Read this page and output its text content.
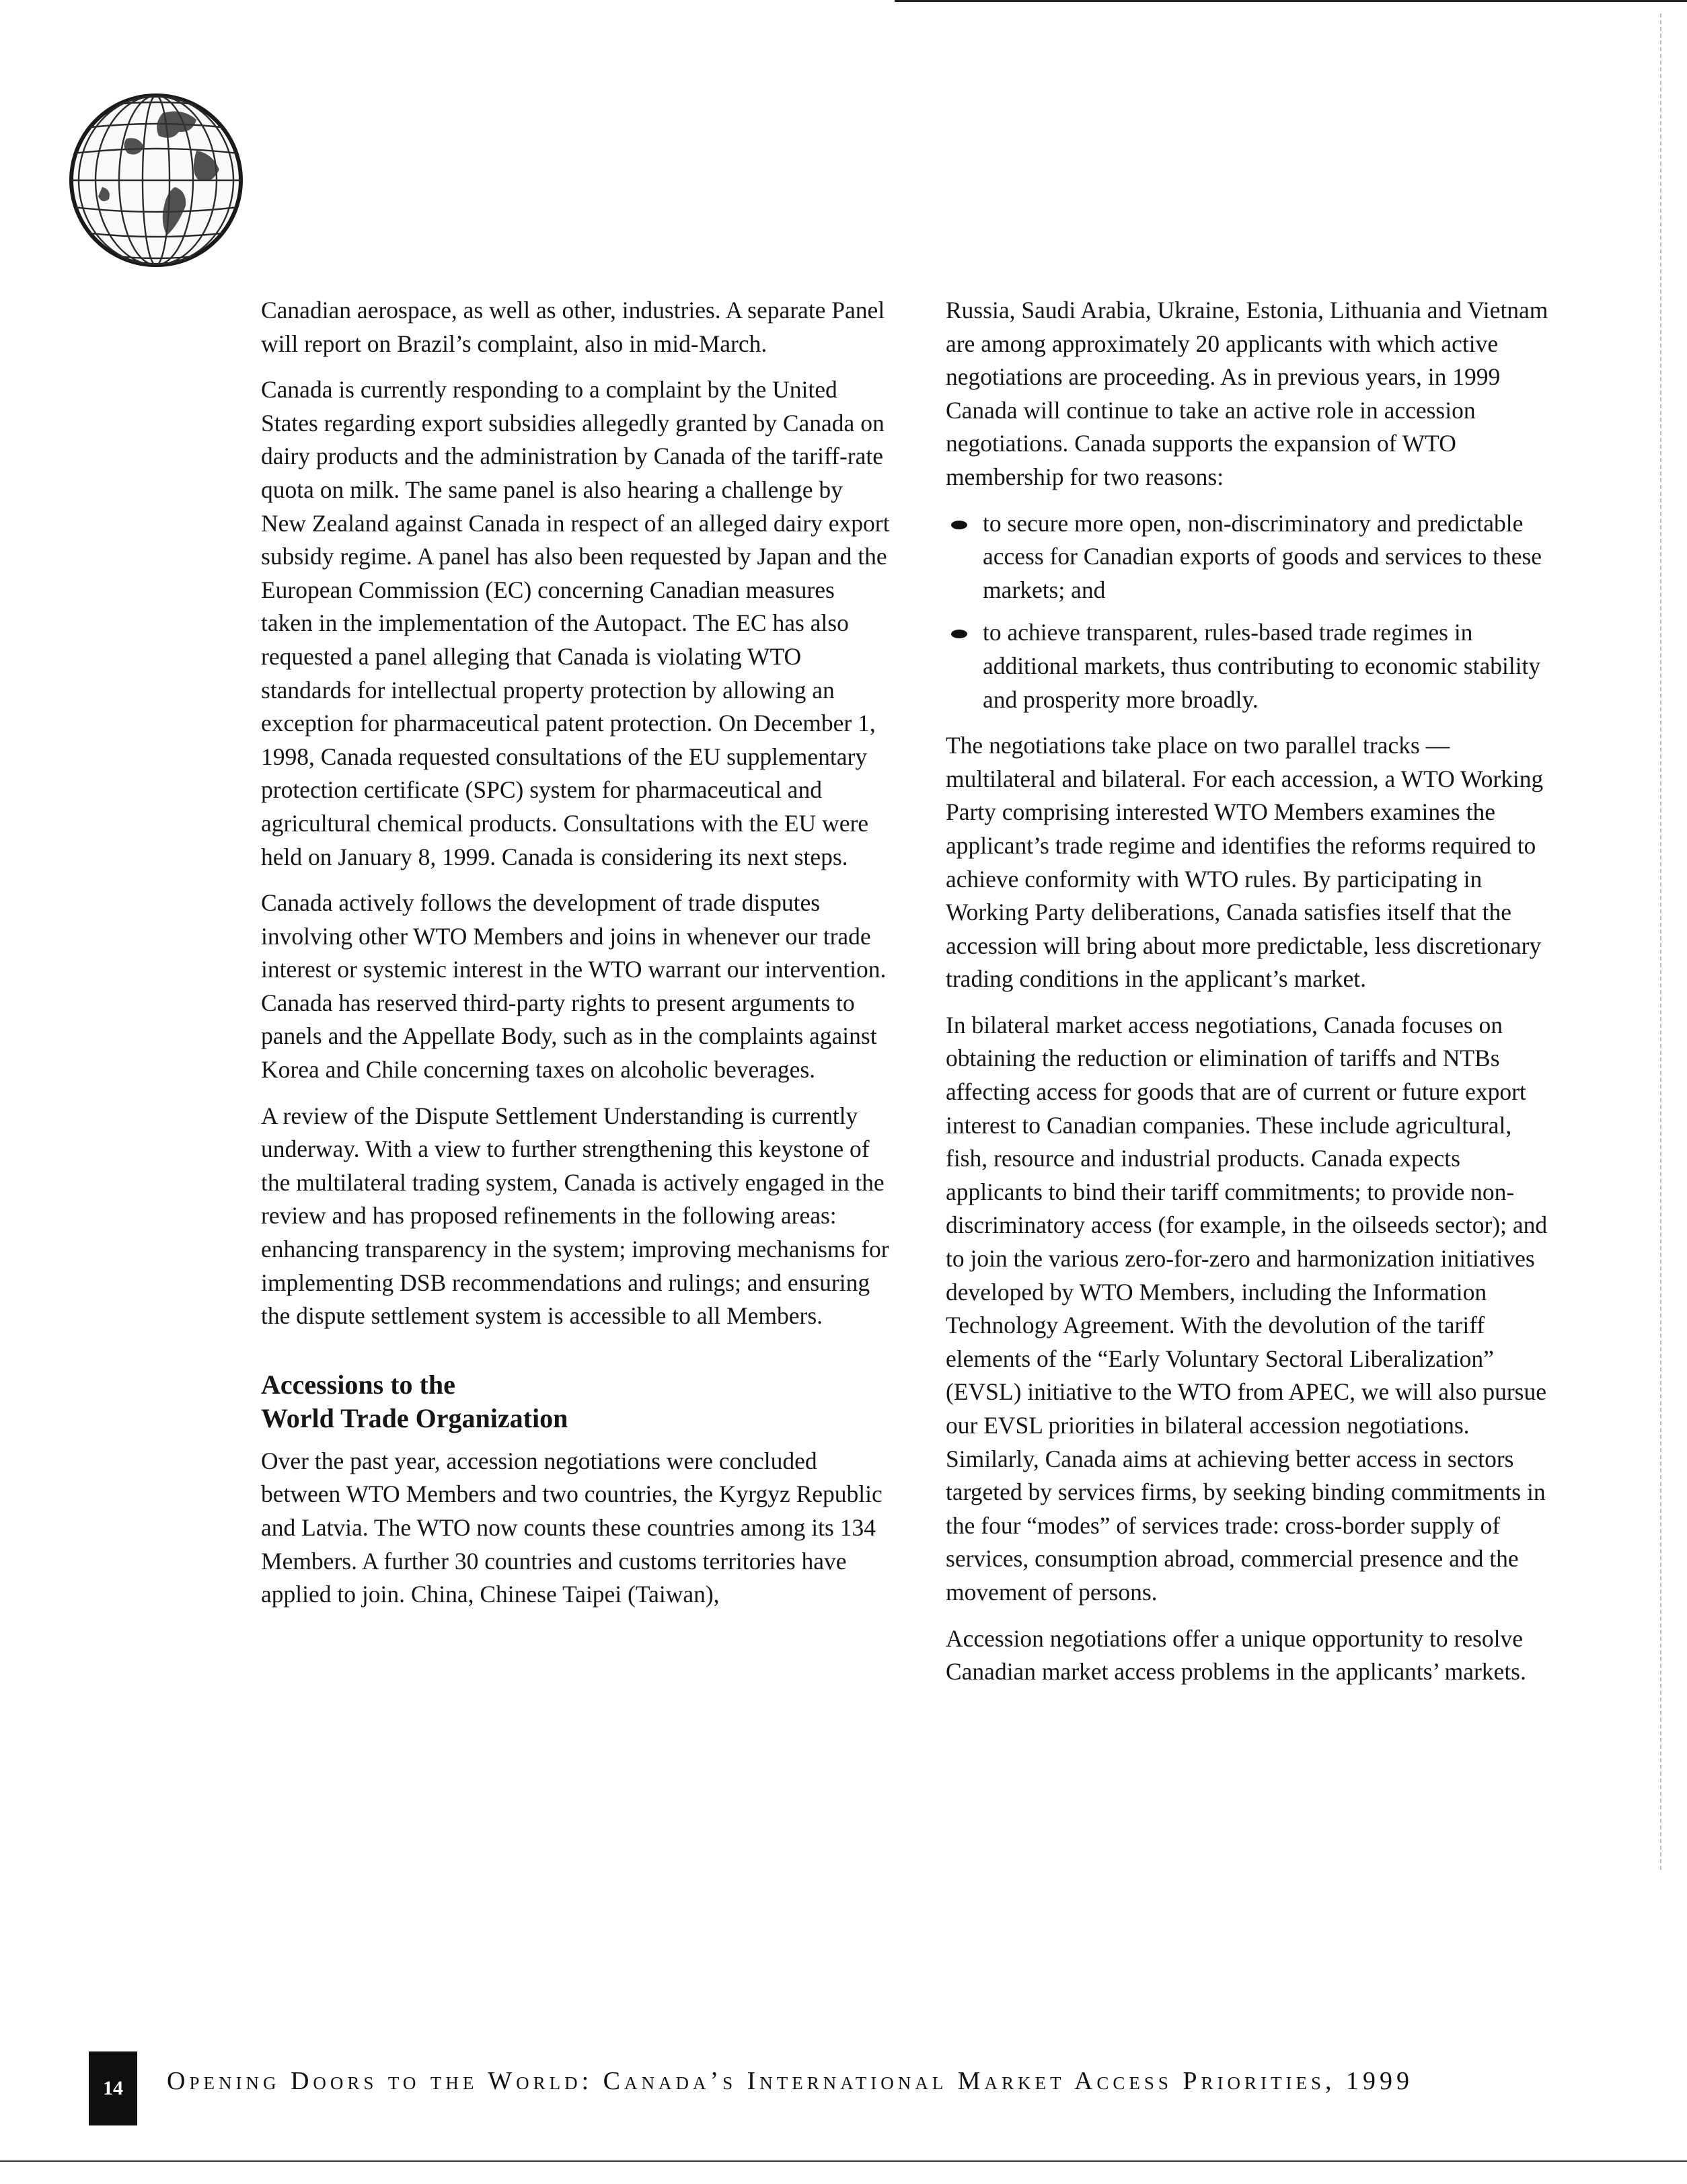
Canadian aerospace, as well as other, industries. A separate Panel will report on Brazil’s complaint, also in mid-March.

Canada is currently responding to a complaint by the United States regarding export subsidies allegedly granted by Canada on dairy products and the administration by Canada of the tariff-rate quota on milk. The same panel is also hearing a challenge by New Zealand against Canada in respect of an alleged dairy export subsidy regime. A panel has also been requested by Japan and the European Commission (EC) concerning Canadian measures taken in the implementation of the Autopact. The EC has also requested a panel alleging that Canada is violating WTO standards for intellectual property protection by allowing an exception for pharmaceutical patent protection. On December 1, 1998, Canada requested consultations of the EU supplementary protection certificate (SPC) system for pharmaceutical and agricultural chemical products. Consultations with the EU were held on January 8, 1999. Canada is considering its next steps.

Canada actively follows the development of trade disputes involving other WTO Members and joins in whenever our trade interest or systemic interest in the WTO warrant our intervention. Canada has reserved third-party rights to present arguments to panels and the Appellate Body, such as in the complaints against Korea and Chile concerning taxes on alcoholic beverages.

A review of the Dispute Settlement Understanding is currently underway. With a view to further strengthening this keystone of the multilateral trading system, Canada is actively engaged in the review and has proposed refinements in the following areas: enhancing transparency in the system; improving mechanisms for implementing DSB recommendations and rulings; and ensuring the dispute settlement system is accessible to all Members.

Accessions to the
World Trade Organization

Over the past year, accession negotiations were concluded between WTO Members and two countries, the Kyrgyz Republic and Latvia. The WTO now counts these countries among its 134 Members. A further 30 countries and customs territories have applied to join. China, Chinese Taipei (Taiwan),

Russia, Saudi Arabia, Ukraine, Estonia, Lithuania and Vietnam are among approximately 20 applicants with which active negotiations are proceeding. As in previous years, in 1999 Canada will continue to take an active role in accession negotiations. Canada supports the expansion of WTO membership for two reasons:

to secure more open, non-discriminatory and predictable access for Canadian exports of goods and services to these markets; and
to achieve transparent, rules-based trade regimes in additional markets, thus contributing to economic stability and prosperity more broadly.

The negotiations take place on two parallel tracks — multilateral and bilateral. For each accession, a WTO Working Party comprising interested WTO Members examines the applicant’s trade regime and identifies the reforms required to achieve conformity with WTO rules. By participating in Working Party deliberations, Canada satisfies itself that the accession will bring about more predictable, less discretionary trading conditions in the applicant’s market.

In bilateral market access negotiations, Canada focuses on obtaining the reduction or elimination of tariffs and NTBs affecting access for goods that are of current or future export interest to Canadian companies. These include agricultural, fish, resource and industrial products. Canada expects applicants to bind their tariff commitments; to provide non-discriminatory access (for example, in the oilseeds sector); and to join the various zero-for-zero and harmonization initiatives developed by WTO Members, including the Information Technology Agreement. With the devolution of the tariff elements of the “Early Voluntary Sectoral Liberalization” (EVSL) initiative to the WTO from APEC, we will also pursue our EVSL priorities in bilateral accession negotiations. Similarly, Canada aims at achieving better access in sectors targeted by services firms, by seeking binding commitments in the four “modes” of services trade: cross-border supply of services, consumption abroad, commercial presence and the movement of persons.

Accession negotiations offer a unique opportunity to resolve Canadian market access problems in the applicants’ markets.

14	Opening Doors to the World: Canada’s International Market Access Priorities, 1999
